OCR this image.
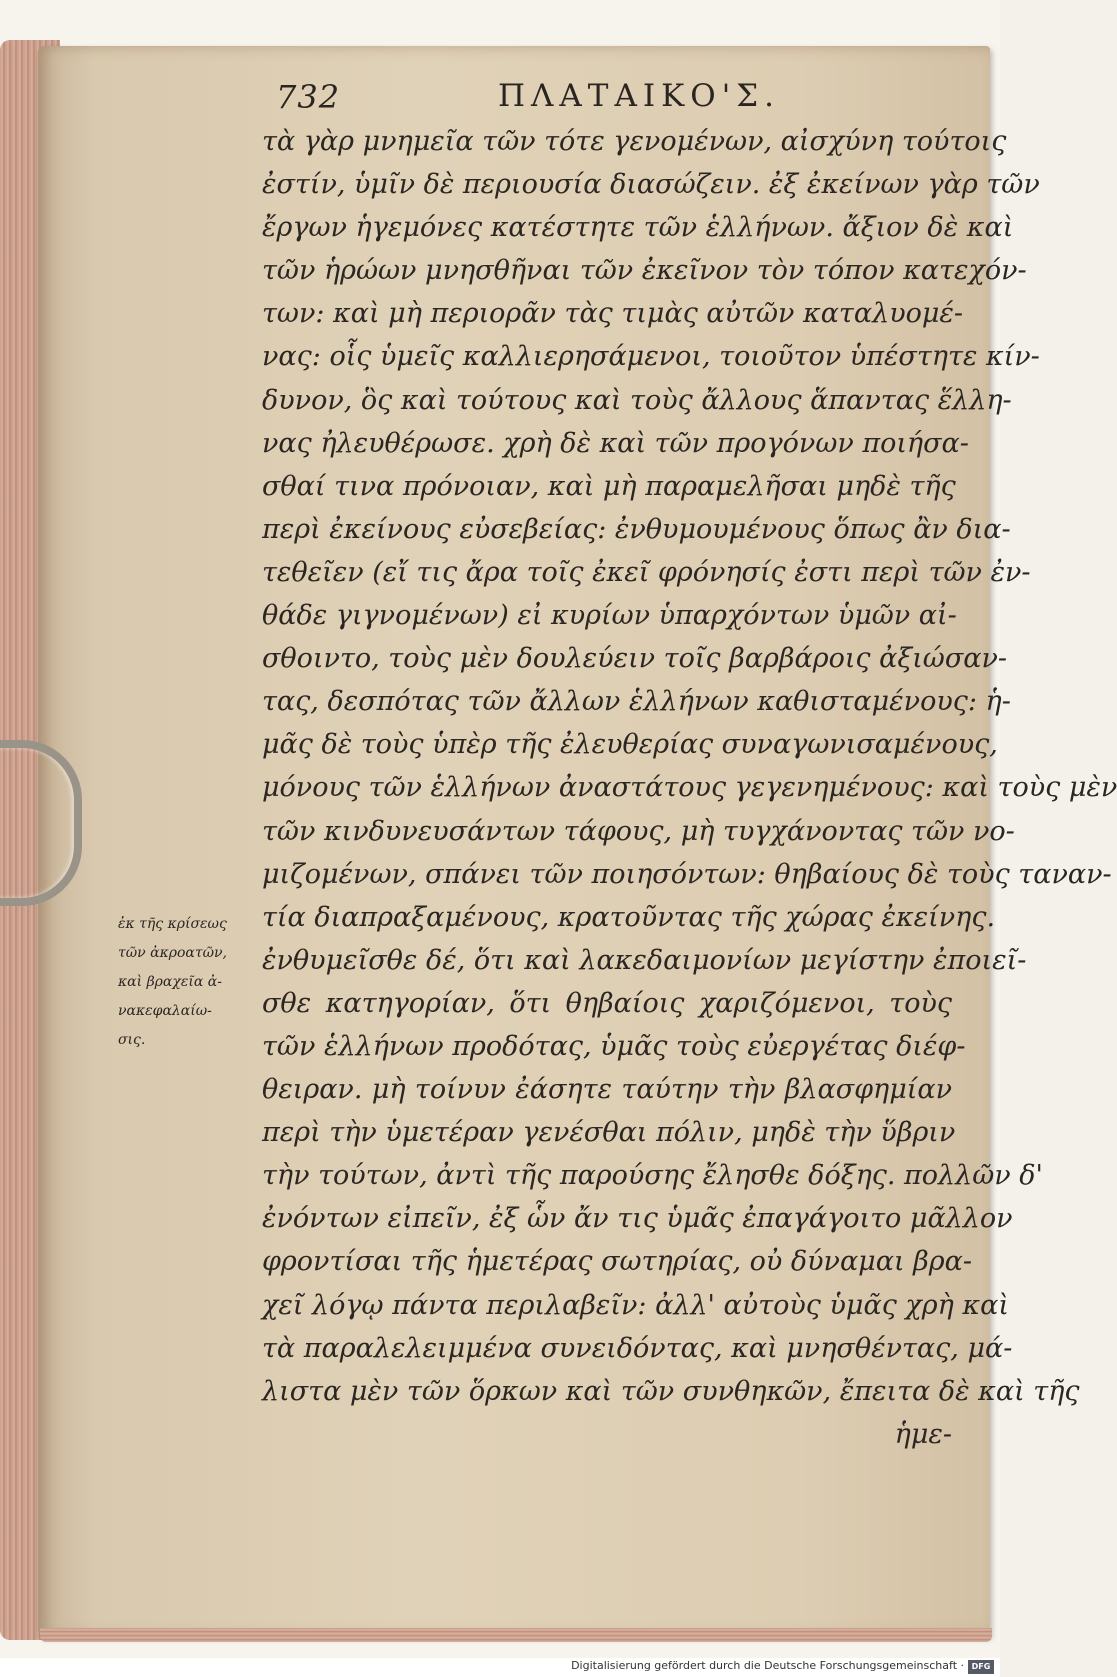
732	ΠΛΑΤΑΙΚΟ'Σ.
τὰ γὰρ μνημεῖα τῶν τότε γενομένων, αἰσχύνη τούτοις
ἐστίν, ὑμῖν δὲ περιουσία διασώζειν. ἐξ ἐκείνων γὰρ τῶν
ἔργων ἡγεμόνες κατέστητε τῶν ἑλλήνων. ἄξιον δὲ καὶ
τῶν ἡρώων μνησθῆναι τῶν ἐκεῖνον τὸν τόπον κατεχόν-
των: καὶ μὴ περιορᾶν τὰς τιμὰς αὐτῶν καταλυομέ-
νας: οἷς ὑμεῖς καλλιερησάμενοι, τοιοῦτον ὑπέστητε κίν-
δυνον, ὃς καὶ τούτους καὶ τοὺς ἄλλους ἅπαντας ἕλλη-
νας ἠλευθέρωσε. χρὴ δὲ καὶ τῶν προγόνων ποιήσα-
σθαί τινα πρόνοιαν, καὶ μὴ παραμελῆσαι μηδὲ τῆς
περὶ ἐκείνους εὐσεβείας: ἐνθυμουμένους ὅπως ἂν δια-
τεθεῖεν (εἴ τις ἄρα τοῖς ἐκεῖ φρόνησίς ἐστι περὶ τῶν ἐν-
θάδε γιγνομένων) εἰ κυρίων ὑπαρχόντων ὑμῶν αἰ-
σθοιντο, τοὺς μὲν δουλεύειν τοῖς βαρβάροις ἀξιώσαν-
τας, δεσπότας τῶν ἄλλων ἑλλήνων καθισταμένους: ἡ-
μᾶς δὲ τοὺς ὑπὲρ τῆς ἐλευθερίας συναγωνισαμένους,
μόνους τῶν ἑλλήνων ἀναστάτους γεγενημένους: καὶ τοὺς μὲν
τῶν κινδυνευσάντων τάφους, μὴ τυγχάνοντας τῶν νο-
μιζομένων, σπάνει τῶν ποιησόντων: θηβαίους δὲ τοὺς ταναν-
τία διαπραξαμένους, κρατοῦντας τῆς χώρας ἐκείνης.
ἐνθυμεῖσθε δέ, ὅτι καὶ λακεδαιμονίων μεγίστην ἐποιεῖ-
σθε κατηγορίαν, ὅτι θηβαίοις χαριζόμενοι, τοὺς
τῶν ἑλλήνων προδότας, ὑμᾶς τοὺς εὐεργέτας διέφ-
θειραν. μὴ τοίνυν ἐάσητε ταύτην τὴν βλασφημίαν
περὶ τὴν ὑμετέραν γενέσθαι πόλιν, μηδὲ τὴν ὕβριν
τὴν τούτων, ἀντὶ τῆς παρούσης ἔλησθε δόξης. πολλῶν δ'
ἐνόντων εἰπεῖν, ἐξ ὧν ἄν τις ὑμᾶς ἐπαγάγοιτο μᾶλλον
φροντίσαι τῆς ἡμετέρας σωτηρίας, οὐ δύναμαι βρα-
χεῖ λόγῳ πάντα περιλαβεῖν: ἀλλ' αὐτοὺς ὑμᾶς χρὴ καὶ
τὰ παραλελειμμένα συνειδόντας, καὶ μνησθέντας, μά-
λιστα μὲν τῶν ὅρκων καὶ τῶν συνθηκῶν, ἔπειτα δὲ καὶ τῆς
ἡμε-
ἐκ τῆς κρίσεως
τῶν ἀκροατῶν,
καὶ βραχεῖα ἀ-
νακεφαλαίω-
σις.
Digitalisierung gefördert durch die Deutsche Forschungsgemeinschaft · DFG
